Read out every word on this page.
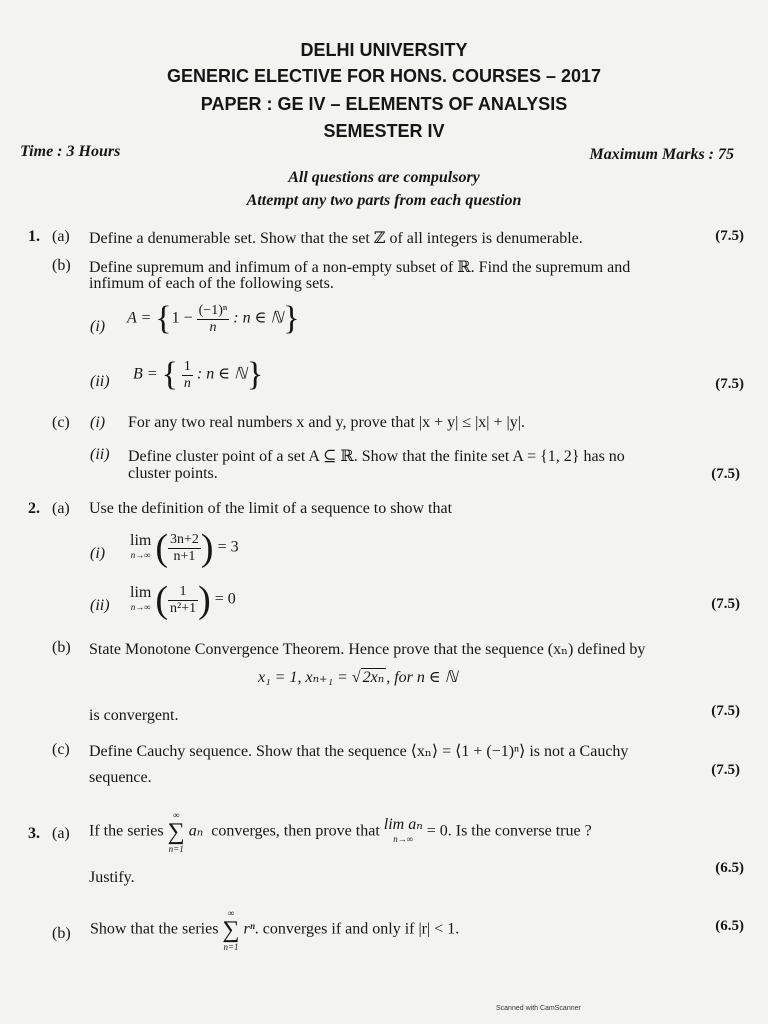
DELHI UNIVERSITY
GENERIC ELECTIVE FOR HONS. COURSES – 2017
PAPER : GE IV – ELEMENTS OF ANALYSIS
SEMESTER IV
Time : 3 Hours	Maximum Marks : 75
All questions are compulsory
Attempt any two parts from each question
1. (a) Define a denumerable set. Show that the set ℤ of all integers is denumerable.	(7.5)
(b) Define supremum and infimum of a non-empty subset of ℝ. Find the supremum and
infimum of each of the following sets.
(i) $A = \{1 - \frac{\text{(−1)ⁿ}}{n}$ : n ∈ ℕ}
(ii) B = { $\frac{1}{n}$ : n ∈ ℕ}	(7.5)
(c) (i) For any two real numbers x and y, prove that |x + y| ≤ |x| + |y|.
(ii) Define cluster point of a set A ⊆ ℝ. Show that the finite set A = {1, 2} has no
cluster points.	(7.5)
2. (a) Use the definition of the limit of a sequence to show that
(i)
lim
n→∞ ( $\frac{3n+2}{n+1}$ ) = 3
(ii)
lim
n→∞ ( $\frac{1}{\text{n²+1}}$ ) = 0	(7.5)
(b) State Monotone Convergence Theorem. Hence prove that the sequence (xₙ) defined by
x₁ = 1, xₙ₊₁ = √ 2xₙ , for n ∈ ℕ
is convergent.	(7.5)
(c) Define Cauchy sequence. Show that the sequence ⟨xₙ⟩ = ⟨1 + (−1)ⁿ⟩ is not a Cauchy
sequence.	(7.5)
3. (a) If the series
∞
∑
n=1
aₙ converges, then prove that lim aₙ
n→∞ = 0. Is the converse true ?
Justify.
(6.5)
(b) Show that the series
∞
∑
n=1
rⁿ. converges if and only if |r| < 1.	(6.5)
Scanned with CamScanner
